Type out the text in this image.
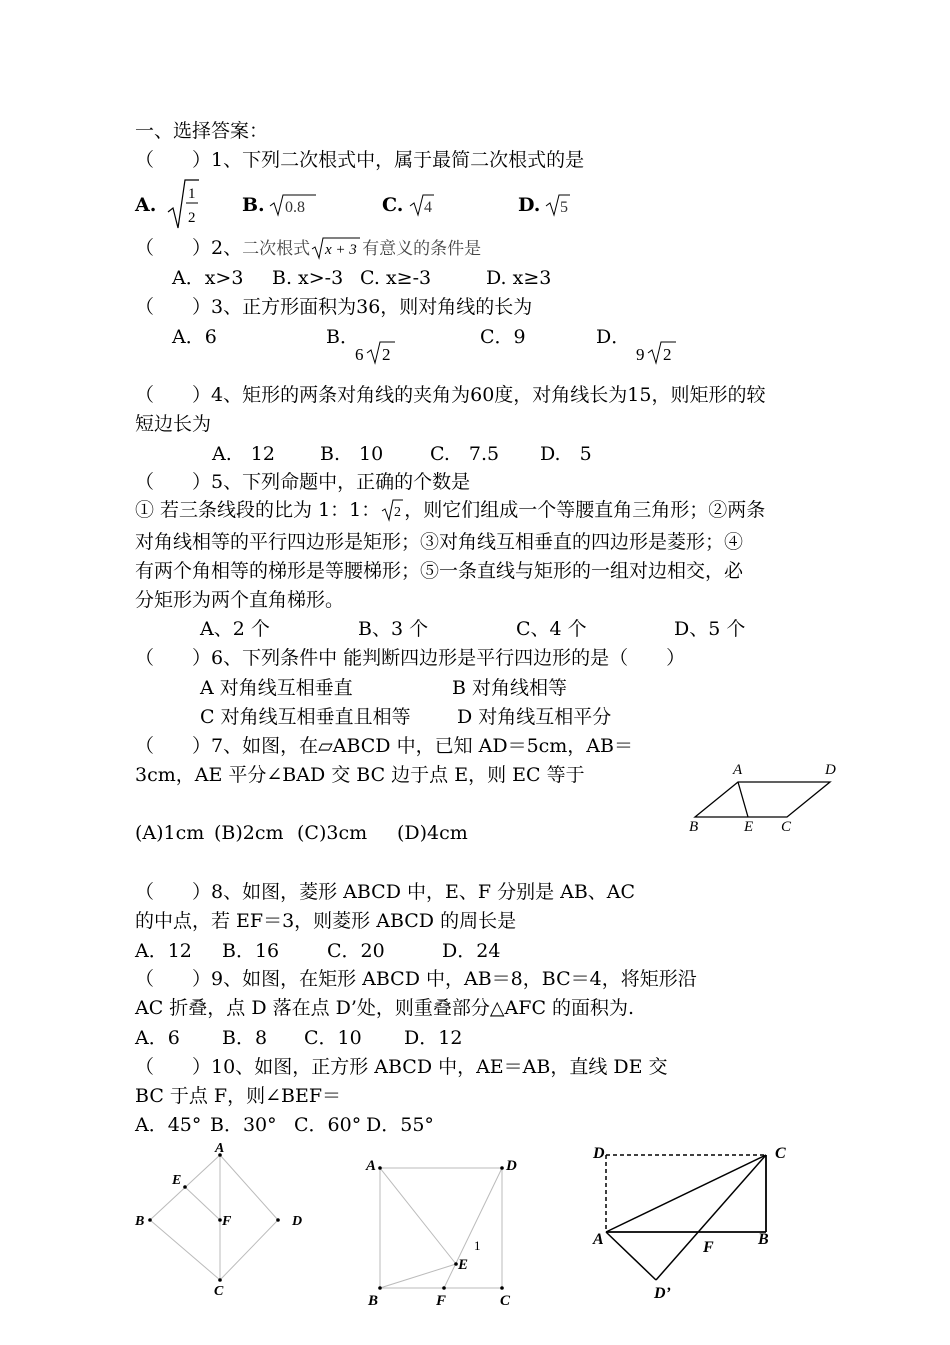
一、选择答案：
（　　）1、下列二次根式中，属于最简二次根式的是
A. 1
2
B. 0.8	C. 4	D. 5
（　　）2、二次根式 x + 3 有意义的条件是
A．x>3 B. x>-3 C. x≥-3	D. x≥3
（　　）3、正方形面积为36，则对角线的长为
A．6	B．
6 2
C．9	D．
9 2
（　　）4、矩形的两条对角线的夹角为60度，对角线长为15，则矩形的较
短边长为
A.　12 B.　10 C.　7.5 D.　5
（　　）5、下列命题中，正确的个数是
① 若三条线段的比为 1：1： 2 ，则它们组成一个等腰直角三角形；②两条
对角线相等的平行四边形是矩形；③对角线互相垂直的四边形是菱形；④
有两个角相等的梯形是等腰梯形；⑤一条直线与矩形的一组对边相交，必
分矩形为两个直角梯形。
A、2 个	B、3 个	C、4 个	D、5 个
（　　）6、下列条件中 能判断四边形是平行四边形的是（　　）
A 对角线互相垂直	B 对角线相等
C 对角线互相垂直且相等 D 对角线互相平分
（　　）7、如图，在▱ABCD 中，已知 AD＝5cm，AB＝
3cm，AE 平分∠BAD 交 BC 边于点 E，则 EC 等于
(A)1cm (B)2cm (C)3cm (D)4cm
A	D
B	E C
（　　）8、如图，菱形 ABCD 中，E、F 分别是 AB、AC
的中点，若 EF＝3，则菱形 ABCD 的周长是
A．12 B．16	C．20	D．24
（　　）9、如图，在矩形 ABCD 中，AB＝8，BC＝4，将矩形沿
AC 折叠，点 D 落在点 D’处，则重叠部分△AFC 的面积为.
A．6 B．8 C．10 D．12
（　　）10、如图，正方形 ABCD 中，AE＝AB，直线 DE 交
BC 于点 F，则∠BEF＝
A．45° B．30° C．60° D．55°
A
E
B	F	D
C
A	D
E
1
B	F	C
D	C
A	F	B
D’
